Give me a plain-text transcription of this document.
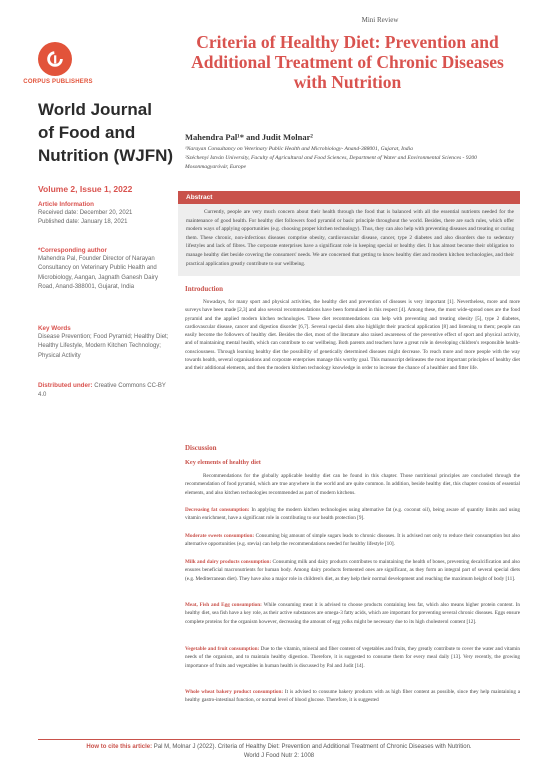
CORPUS PUBLISHERS
Mini Review
Criteria of Healthy Diet: Prevention and Additional Treatment of Chronic Diseases with Nutrition
World Journal
of Food and
Nutrition (WJFN)
Mahendra Pal¹* and Judit Molnar²
¹Narayan Consultancy on Veterinary Public Health and Microbiology- Anand-388001, Gujarat, India
²Széchenyi István University, Faculty of Agricultural and Food Sciences, Department of Water and Environmental Sciences - 9200 Mosonmagyaróvár, Europe
Volume 2, Issue 1, 2022
Abstract
Currently, people are very much concern about their health through the food that is balanced with all the essential nutrients needed for the maintenance of good health. For healthy diet followers food pyramid or basic principle throughout the world. Besides, there are such rules, which offer modern ways of applying opportunities (e.g. choosing proper kitchen technology). Thus, they can also help with preventing diseases and treating or curing them. These chronic, non-infectious diseases comprise obesity, cardiovascular disease, cancer, type 2 diabetes and also disorders due to sedentary lifestyles and lack of fibres. The corporate enterprises have a significant role in keeping special or healthy diet. It has almost become their obligation to manage healthy diet beside covering the consumers' needs. We are concerned that getting to know healthy diet and modern kitchen technologies, and their practical application greatly contribute to our wellbeing.
Article Information
Received date: December 20, 2021
Published date: January 18, 2021
*Corresponding author
Mahendra Pal, Founder Director of Narayan Consultancy on Veterinary Public Health and Microbiology, Aangan, Jagnath Ganesh Dairy Road, Anand-388001, Gujarat, India
Key Words
Disease Prevention; Food Pyramid; Healthy Diet; Healthy Lifestyle, Modern Kitchen Technology; Physical Activity
Distributed under: Creative Commons CC-BY 4.0
Introduction
Nowadays, for many sport and physical activities, the healthy diet and prevention of diseases is very important [1]. Nevertheless, more and more surveys have been made [2,3] and also several recommendations have been formulated in this respect [4]. Among these, the most wide-spread ones are the food pyramid and the applied modern kitchen technologies. These diet recommendations can help with preventing and treating obesity [5], type 2 diabetes, cardiovascular disease, cancer and digestion disorder [6,7]. Several special diets also highlight their practical application [8] and listening to them; people can easily become the followers of healthy diet. Besides the diet, most of the literature also raised awareness of the preventive effect of sport and physical activity, and of maintaining mental health, which can contribute to our wellbeing. Both parents and teachers have a great role in developing children's responsible health-consciousness. Through learning healthy diet the possibility of genetically determined diseases might decrease. To reach more and more people with the way towards health, several organisations and corporate enterprises manage this worthy goal. This manuscript delineates the most important principles of healthy diet and their additional elements, and then the modern kitchen technology knowledge in order to increase the chance of a healthier and fitter life.
Discussion
Key elements of healthy diet
Recommendations for the globally applicable healthy diet can be found in this chapter. Those nutritional principles are concluded through the recommendation of food pyramid, which are true anywhere in the world and are quite common. In addition, beside healthy diet, this chapter consists of essential elements, and also kitchen technologies recommended as part of modern kitchens.
Decreasing fat consumption: In applying the modern kitchen technologies using alternative fat (e.g. coconut oil), being aware of quantity limits and using vitamin enrichment, have a significant role in contributing to our health protection [9].
Moderate sweets consumption: Consuming big amount of simple sugars leads to chronic diseases. It is advised not only to reduce their consumption but also alternative opportunities (e.g. stevia) can help the recommendations needed for healthy lifestyle [10].
Milk and dairy products consumption: Consuming milk and dairy products contributes to maintaining the health of bones, preventing decalcification and also ensures beneficial macronutrients for human body. Among dairy products fermented ones are significant, as they form an integral part of several special diets (e.g. Mediterranean diet). They have also a major role in children's diet, as they help their normal development and reaching the maximum height of body [11].
Meat, Fish and Egg consumption: While consuming meat it is advised to choose products containing less fat, which also means higher protein content. In healthy diet, sea fish have a key role, as their active substances are omega-3 fatty acids, which are important for preventing several chronic diseases. Eggs ensure complete proteins for the organism however, decreasing the amount of egg yolks might be necessary due to its high cholesterol content [12].
Vegetable and fruit consumption: Due to the vitamin, mineral and fiber content of vegetables and fruits, they greatly contribute to cover the water and vitamin needs of the organism, and to maintain healthy digestion. Therefore, it is suggested to consume them for every meal daily [13]. Very recently, the growing importance of fruits and vegetables in human health is discussed by Pal and Judit [14].
Whole wheat bakery product consumption: It is advised to consume bakery products with as high fiber content as possible, since they help maintaining a healthy gastro-intestinal function, or normal level of blood glucose. Therefore, it is suggested
How to cite this article: Pal M, Molnar J (2022). Criteria of Healthy Diet: Prevention and Additional Treatment of Chronic Diseases with Nutrition.
World J Food Nutr 2: 1008
